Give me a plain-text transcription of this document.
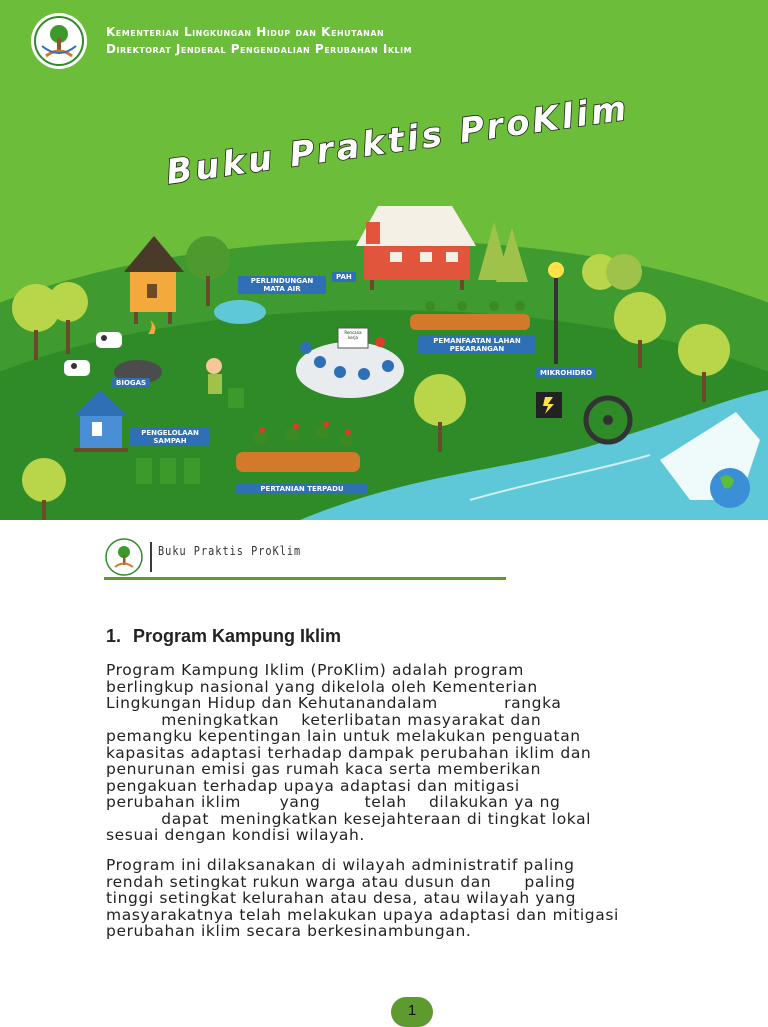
Buku Praktis ProKlim
Kementerian Lingkungan Hidup dan Kehutanan
Direktorat Jenderal Pengendalian Perubahan Iklim
PERLINDUNGAN MATA AIR
PAH
PEMANFAATAN LAHAN PEKARANGAN
MIKROHIDRO
BIOGAS
PENGELOLAAN SAMPAH
PERTANIAN TERPADU
Rencana kerja
Buku Praktis ProKlim
1. Program Kampung Iklim
Program Kampung Iklim (ProKlim) adalah program
berlingkup nasional yang dikelola oleh Kementerian
Lingkungan Hidup dan Kehutanandalam            rangka
meningkatkan    keterlibatan masyarakat dan
pemangku kepentingan lain untuk melakukan penguatan
kapasitas adaptasi terhadap dampak perubahan iklim dan
penurunan emisi gas rumah kaca serta memberikan
pengakuan terhadap upaya adaptasi dan mitigasi
perubahan iklim       yang        telah    dilakukan ya ng
dapat  meningkatkan kesejahteraan di tingkat lokal
sesuai dengan kondisi wilayah.
Program ini dilaksanakan di wilayah administratif paling
rendah setingkat rukun warga atau dusun dan      paling
tinggi setingkat kelurahan atau desa, atau wilayah yang
masyarakatnya telah melakukan upaya adaptasi dan mitigasi
perubahan iklim secara berkesinambungan.
1
